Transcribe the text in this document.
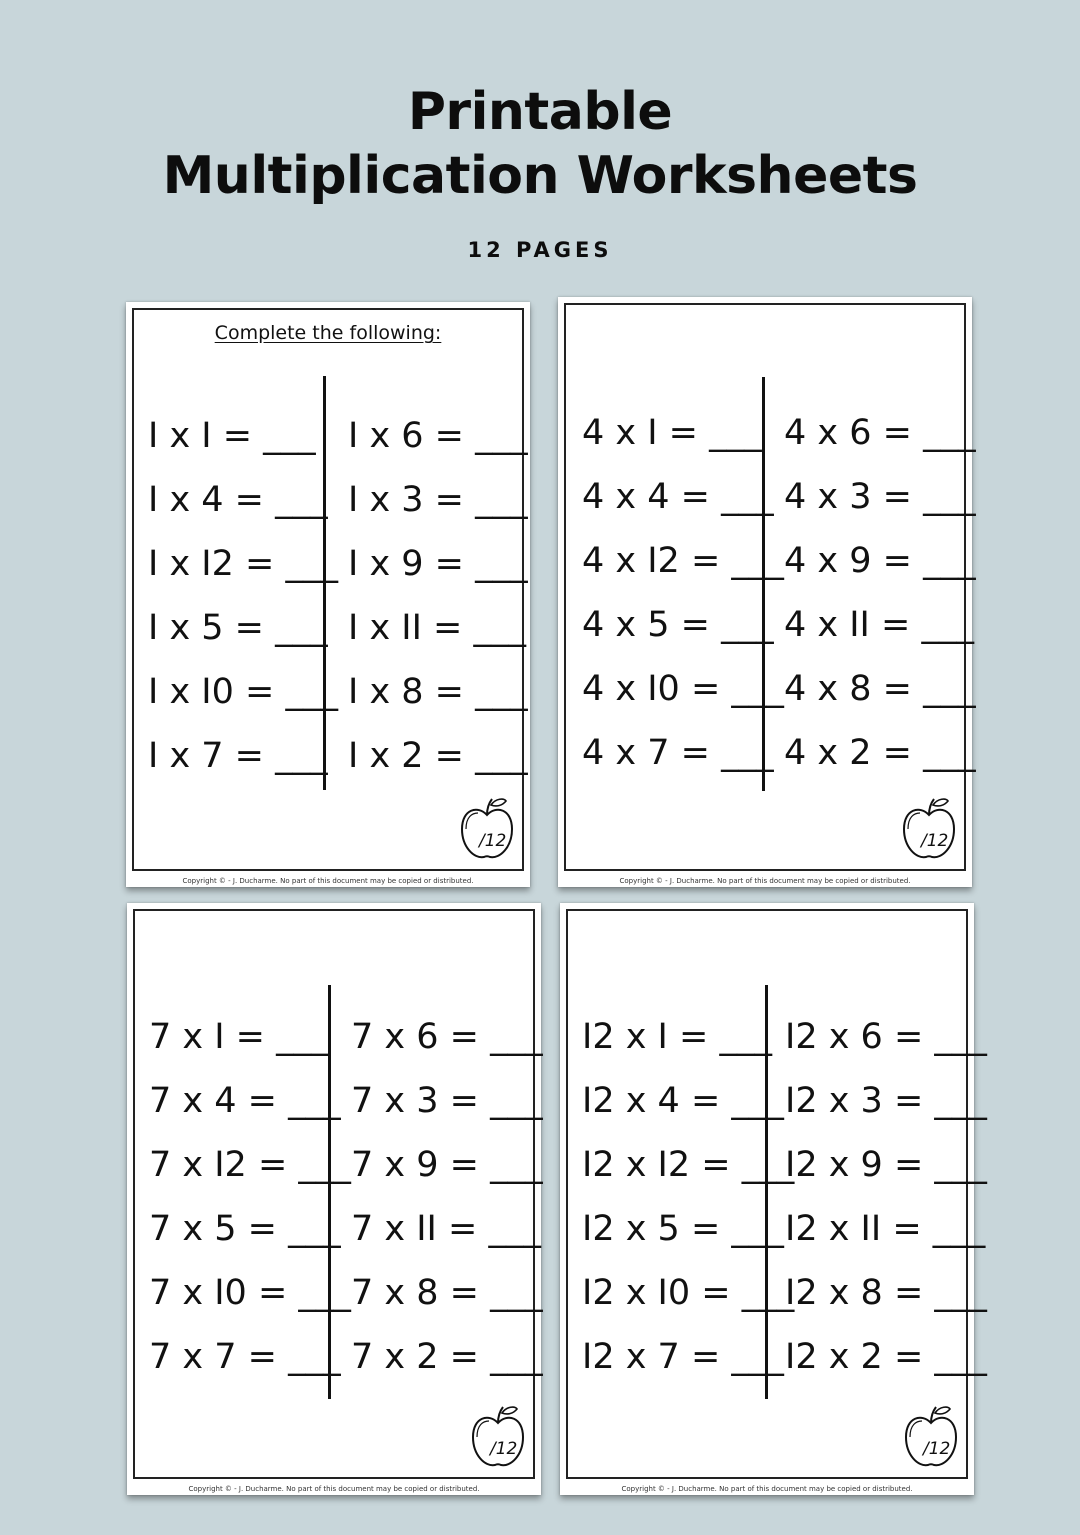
Printable
Multiplication Worksheets
12 PAGES
Complete the following:
I x I = ___
I x 4 = ___
I x I2 = ___
I x 5 = ___
I x I0 = ___
I x 7 = ___
I x 6 = ___
I x 3 = ___
I x 9 = ___
I x II = ___
I x 8 = ___
I x 2 = ___
/12
Copyright © - J. Ducharme. No part of this document may be copied or distributed.
4 x I = ___
4 x 4 = ___
4 x I2 = ___
4 x 5 = ___
4 x I0 = ___
4 x 7 = ___
4 x 6 = ___
4 x 3 = ___
4 x 9 = ___
4 x II = ___
4 x 8 = ___
4 x 2 = ___
/12
Copyright © - J. Ducharme. No part of this document may be copied or distributed.
7 x I = ___
7 x 4 = ___
7 x I2 = ___
7 x 5 = ___
7 x I0 = ___
7 x 7 = ___
7 x 6 = ___
7 x 3 = ___
7 x 9 = ___
7 x II = ___
7 x 8 = ___
7 x 2 = ___
/12
Copyright © - J. Ducharme. No part of this document may be copied or distributed.
I2 x I = ___
I2 x 4 = ___
I2 x I2 = ___
I2 x 5 = ___
I2 x I0 = ___
I2 x 7 = ___
I2 x 6 = ___
I2 x 3 = ___
I2 x 9 = ___
I2 x II = ___
I2 x 8 = ___
I2 x 2 = ___
/12
Copyright © - J. Ducharme. No part of this document may be copied or distributed.
